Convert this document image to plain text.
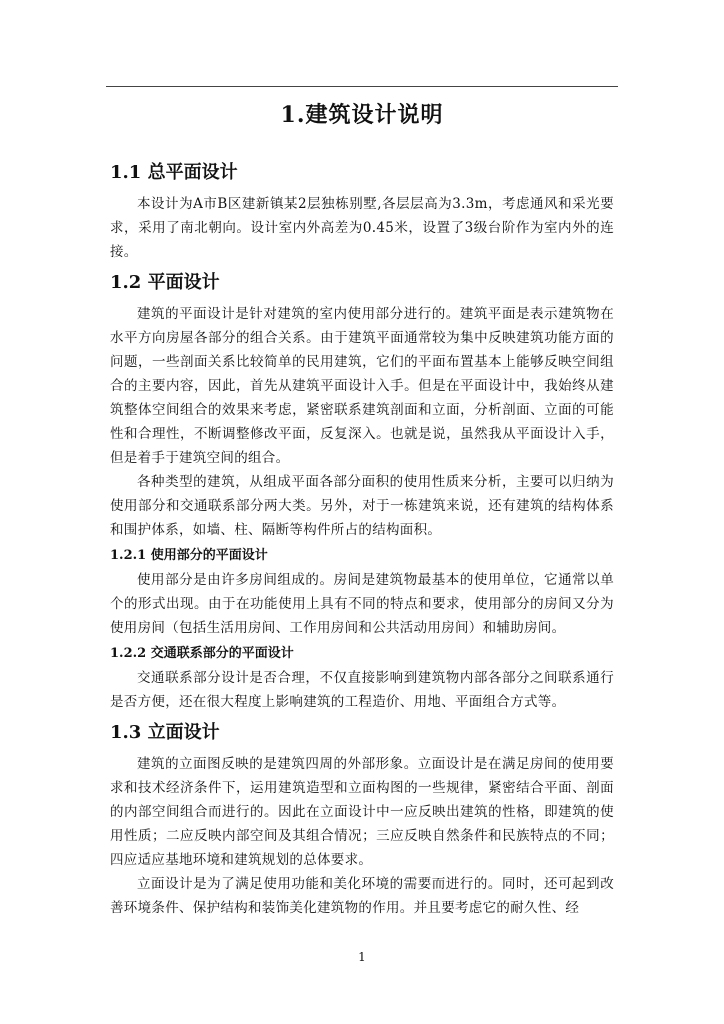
1.建筑设计说明
1.1 总平面设计

本设计为A市B区建新镇某2层独栋别墅,各层层高为3.3m，考虑通风和采光要求，采用了南北朝向。设计室内外高差为0.45米，设置了3级台阶作为室内外的连接。

1.2 平面设计

建筑的平面设计是针对建筑的室内使用部分进行的。建筑平面是表示建筑物在水平方向房屋各部分的组合关系。由于建筑平面通常较为集中反映建筑功能方面的问题，一些剖面关系比较简单的民用建筑，它们的平面布置基本上能够反映空间组合的主要内容，因此，首先从建筑平面设计入手。但是在平面设计中，我始终从建筑整体空间组合的效果来考虑，紧密联系建筑剖面和立面，分析剖面、立面的可能性和合理性，不断调整修改平面，反复深入。也就是说，虽然我从平面设计入手，但是着手于建筑空间的组合。

各种类型的建筑，从组成平面各部分面积的使用性质来分析，主要可以归纳为使用部分和交通联系部分两大类。另外，对于一栋建筑来说，还有建筑的结构体系和围护体系，如墙、柱、隔断等构件所占的结构面积。

1.2.1 使用部分的平面设计

使用部分是由许多房间组成的。房间是建筑物最基本的使用单位，它通常以单个的形式出现。由于在功能使用上具有不同的特点和要求，使用部分的房间又分为使用房间（包括生活用房间、工作用房间和公共活动用房间）和辅助房间。

1.2.2 交通联系部分的平面设计

交通联系部分设计是否合理，不仅直接影响到建筑物内部各部分之间联系通行是否方便，还在很大程度上影响建筑的工程造价、用地、平面组合方式等。

1.3 立面设计

建筑的立面图反映的是建筑四周的外部形象。立面设计是在满足房间的使用要求和技术经济条件下，运用建筑造型和立面构图的一些规律，紧密结合平面、剖面的内部空间组合而进行的。因此在立面设计中一应反映出建筑的性格，即建筑的使用性质；二应反映内部空间及其组合情况；三应反映自然条件和民族特点的不同；四应适应基地环境和建筑规划的总体要求。

立面设计是为了满足使用功能和美化环境的需要而进行的。同时，还可起到改善环境条件、保护结构和装饰美化建筑物的作用。并且要考虑它的耐久性、经

1
